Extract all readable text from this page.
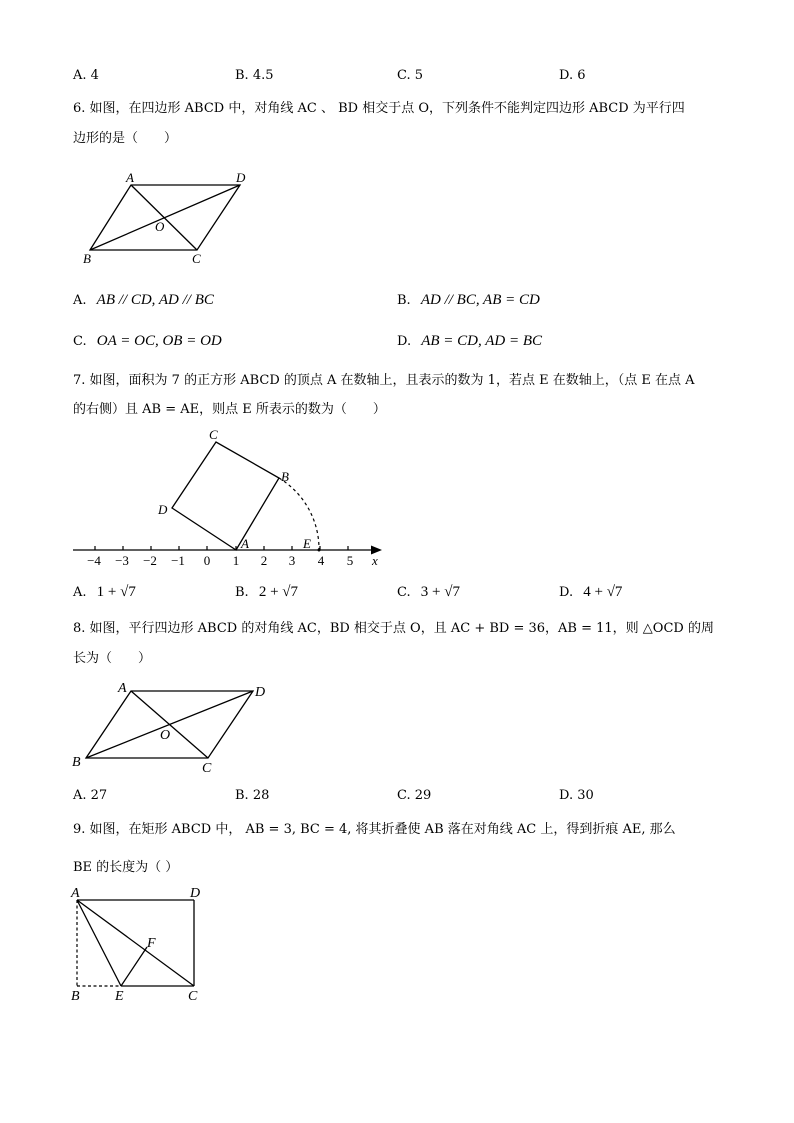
A. 4	B. 4.5	C. 5	D. 6
6. 如图，在四边形 ABCD 中，对角线 AC 、 BD 相交于点 O，下列条件不能判定四边形 ABCD 为平行四
边形的是（　　）
A	D
O
B	C
A. AB // CD, AD // BC	B. AD // BC, AB = CD
C. OA = OC, OB = OD	D. AB = CD, AD = BC
7. 如图，面积为 7 的正方形 ABCD 的顶点 A 在数轴上，且表示的数为 1，若点 E 在数轴上，（点 E 在点 A
的右侧）且 AB = AE，则点 E 所表示的数为（　　）
−4 −3 −2 −1 0 1 2 3 4 5 x
C
B
D
A	E
A. 1 + √7	B. 2 + √7	C. 3 + √7	D. 4 + √7
8. 如图，平行四边形 ABCD 的对角线 AC，BD 相交于点 O，且 AC + BD = 36，AB = 11，则 △OCD 的周
长为（　　）
A	D
O
B	C
A. 27	B. 28	C. 29	D. 30
9. 如图，在矩形 ABCD 中， AB = 3, BC = 4, 将其折叠使 AB 落在对角线 AC 上，得到折痕 AE, 那么
BE 的长度为（ ）
A	D
F
B	E	C
